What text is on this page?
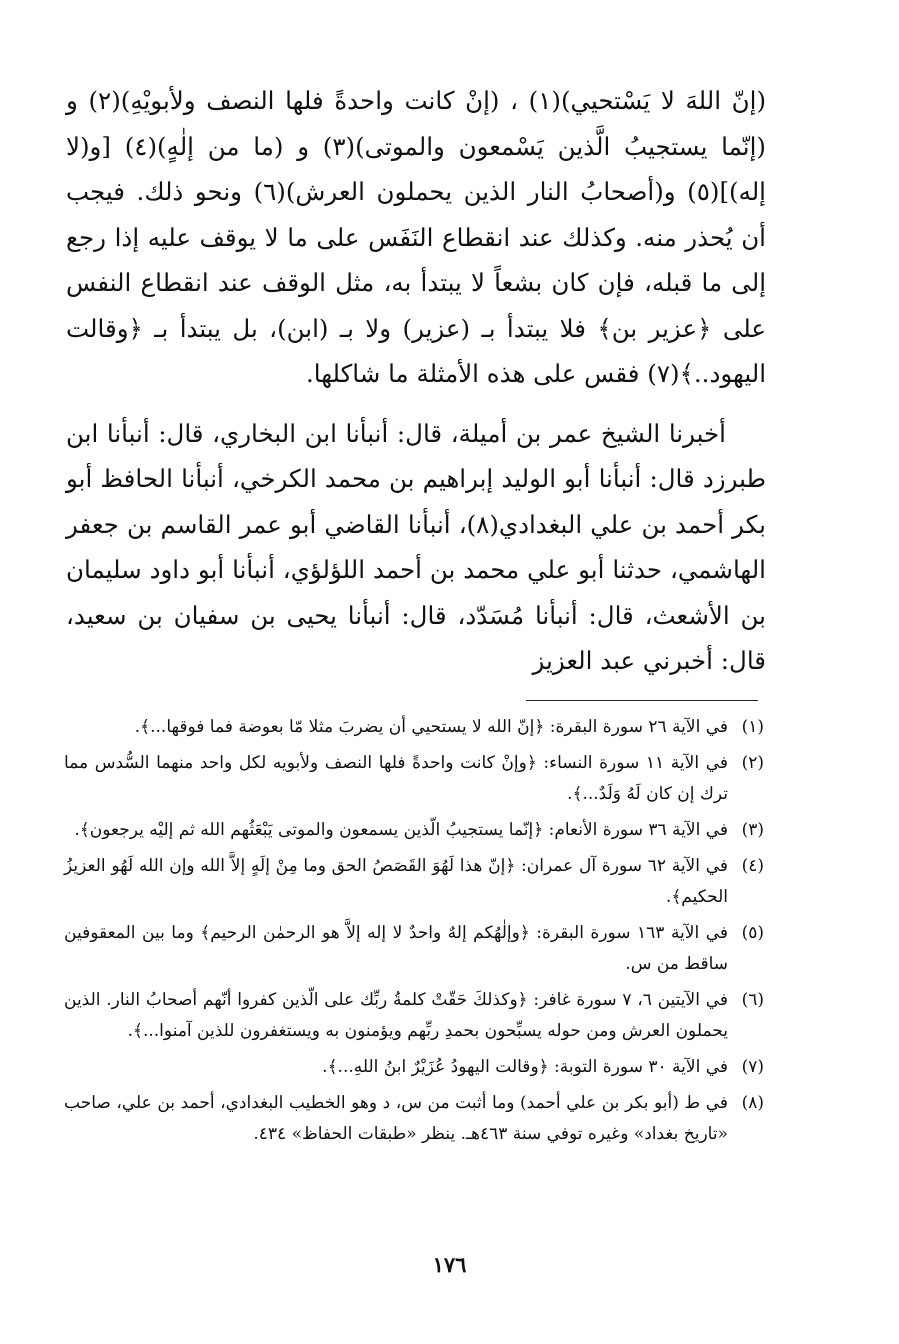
(إنّ اللهَ لا يَسْتحيي)(١) ، (إنْ كانت واحدةً فلها النصف ولأبويْهِ)(٢) و (إنّما يستجيبُ الَّذين يَسْمعون والموتى)(٣) و (ما من إلٰهٍ)(٤) [و(لا إله)](٥) و(أصحابُ النار الذين يحملون العرش)(٦) ونحو ذلك. فيجب أن يُحذر منه. وكذلك عند انقطاع النَفَس على ما لا يوقف عليه إذا رجع إلى ما قبله، فإن كان بشعاً لا يبتدأ به، مثل الوقف عند انقطاع النفس على ﴿عزير بن﴾ فلا يبتدأ بـ (عزير) ولا بـ (ابن)، بل يبتدأ بـ ﴿وقالت اليهود..﴾(٧) فقس على هذه الأمثلة ما شاكلها.

أخبرنا الشيخ عمر بن أميلة، قال: أنبأنا ابن البخاري، قال: أنبأنا ابن طبرزد قال: أنبأنا أبو الوليد إبراهيم بن محمد الكرخي، أنبأنا الحافظ أبو بكر أحمد بن علي البغدادي(٨)، أنبأنا القاضي أبو عمر القاسم بن جعفر الهاشمي، حدثنا أبو علي محمد بن أحمد اللؤلؤي، أنبأنا أبو داود سليمان بن الأشعث، قال: أنبأنا مُسَدّد، قال: أنبأنا يحيى بن سفيان بن سعيد، قال: أخبرني عبد العزيز

(١)
في الآية ٢٦ سورة البقرة: ﴿إنّ الله لا يستحيي أن يضربَ مثلا مّا بعوضة فما فوقها...﴾.
(٢)
في الآية ١١ سورة النساء: ﴿وإنْ كانت واحدةً فلها النصف ولأبويه لكل واحد منهما السُّدس مما ترك إن كان لَهُ وَلَدٌ...﴾.
(٣)
في الآية ٣٦ سورة الأنعام: ﴿إنّما يستجيبُ الّذين يسمعون والموتى يَبْعَثُهم الله ثم إليْه يرجعون﴾.
(٤)
في الآية ٦٢ سورة آل عمران: ﴿إنّ هذا لَهُوَ القَصَصُ الحق وما مِنْ إلَهٍ إلاَّ الله وإن الله لَهُو العزيزُ الحكيم﴾.
(٥)
في الآية ١٦٣ سورة البقرة: ﴿وإلٰهُكم إلهٌ واحدٌ لا إله إلاَّ هو الرحمٰن الرحيم﴾ وما بين المعقوفين ساقط من س.
(٦)
في الآيتين ٦، ٧ سورة غافر: ﴿وكذلكَ حَقّتْ كلمةُ ربِّك على الّذين كفروا أنّهم أصحابُ النار. الذين يحملون العرش ومن حوله يسبِّحون بحمدِ ربِّهم ويؤمنون به ويستغفرون للذين آمنوا...﴾.
(٧)
في الآية ٣٠ سورة التوبة: ﴿وقالت اليهودُ عُزَيْرٌ ابنُ اللهِ...﴾.
(٨)
في ط (أبو بكر بن علي أحمد) وما أثبت من س، د وهو الخطيب البغدادي، أحمد بن علي، صاحب «تاريخ بغداد» وغيره توفي سنة ٤٦٣هـ. ينظر «طبقات الحفاظ» ٤٣٤.
١٧٦
